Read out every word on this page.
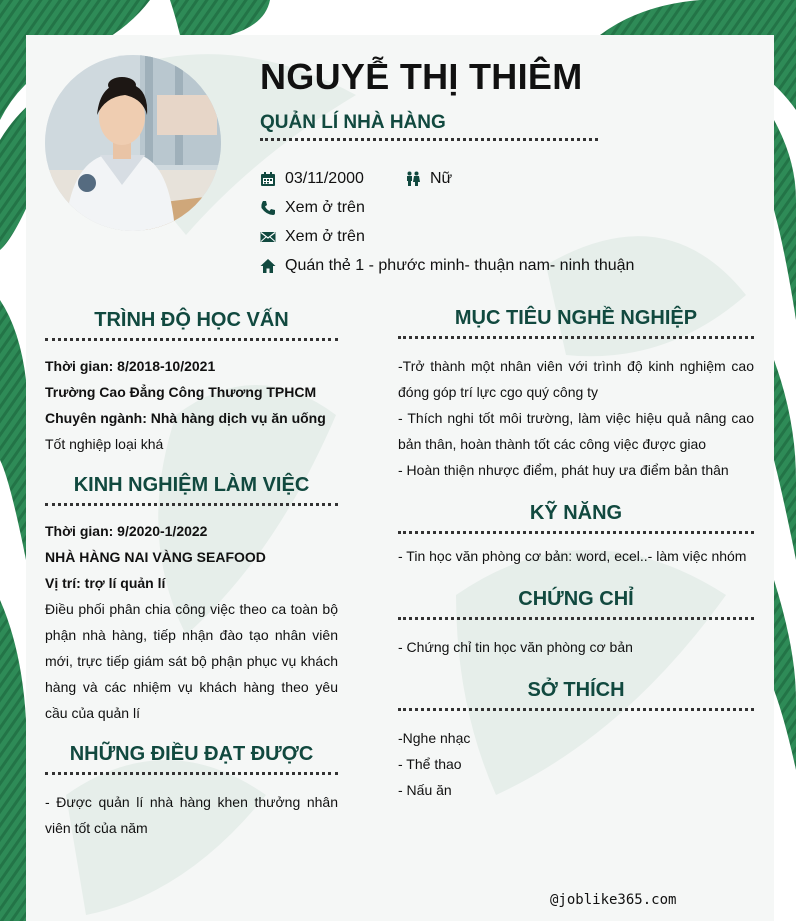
NGUYỄ THỊ THIÊM
QUẢN LÍ NHÀ HÀNG
03/11/2000	Nữ
Xem ở trên
Xem ở trên
Quán thẻ 1 - phước minh- thuận nam- ninh thuận
TRÌNH ĐỘ HỌC VẤN

Thời gian: 8/2018-10/2021

Trường Cao Đẳng Công Thương TPHCM

Chuyên ngành: Nhà hàng dịch vụ ăn uống

Tốt nghiệp loại khá

KINH NGHIỆM LÀM VIỆC

Thời gian: 9/2020-1/2022

NHÀ HÀNG NAI VÀNG SEAFOOD

Vị trí: trợ lí quản lí

Điều phối phân chia công việc theo ca toàn bộ phận nhà hàng, tiếp nhận đào tạo nhân viên mới, trực tiếp giám sát bộ phận phục vụ khách hàng và các nhiệm vụ khách hàng theo yêu cầu của quản lí

NHỮNG ĐIỀU ĐẠT ĐƯỢC

- Được quản lí nhà hàng khen thưởng nhân viên tốt của năm

MỤC TIÊU NGHỀ NGHIỆP

-Trở thành một nhân viên với trình độ kinh nghiệm cao đóng góp trí lực cgo quý công ty

- Thích nghi tốt môi trường, làm việc hiệu quả nâng cao bản thân, hoàn thành tốt các công việc được giao

- Hoàn thiện nhược điểm, phát huy ưa điểm bản thân

KỸ NĂNG

- Tin học văn phòng cơ bản: word, ecel..- làm việc nhóm

CHỨNG CHỈ

- Chứng chỉ tin học văn phòng cơ bản

SỞ THÍCH

-Nghe nhạc

- Thể thao

- Nấu ăn

@joblike365.com
